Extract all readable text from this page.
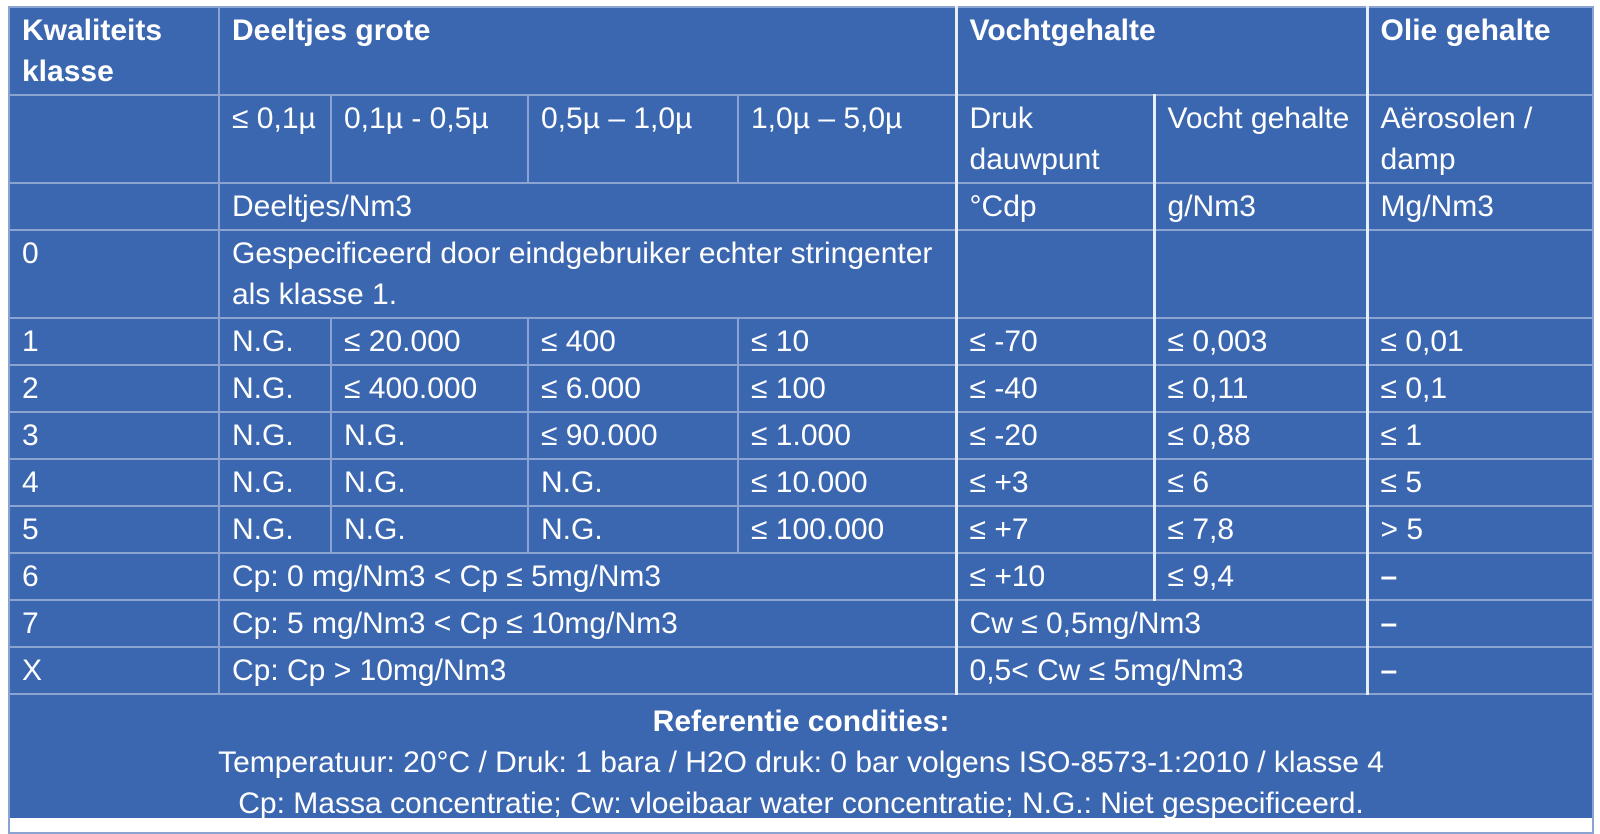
Kwaliteits klasse	Deeltjes grote				Vochtgehalte		Olie gehalte
	≤ 0,1µ	0,1µ - 0,5µ	0,5µ – 1,0µ	1,0µ – 5,0µ	Druk dauwpunt	Vocht gehalte	Aërosolen / damp
	Deeltjes/Nm3				°Cdp	g/Nm3	Mg/Nm3
0	Gespecificeerd door eindgebruiker echter stringenter als klasse 1.						
1	N.G.	≤ 20.000	≤ 400	≤ 10	≤ -70	≤ 0,003	≤ 0,01
2	N.G.	≤ 400.000	≤ 6.000	≤ 100	≤ -40	≤ 0,11	≤ 0,1
3	N.G.	N.G.	≤ 90.000	≤ 1.000	≤ -20	≤ 0,88	≤ 1
4	N.G.	N.G.	N.G.	≤ 10.000	≤ +3	≤ 6	≤ 5
5	N.G.	N.G.	N.G.	≤ 100.000	≤ +7	≤ 7,8	> 5
6	Cp: 0 mg/Nm3 < Cp ≤ 5mg/Nm3				≤ +10	≤ 9,4	–
7	Cp: 5 mg/Nm3 < Cp ≤ 10mg/Nm3				Cw ≤ 0,5mg/Nm3		–
X	Cp: Cp > 10mg/Nm3				0,5< Cw ≤ 5mg/Nm3		–

Referentie condities:
Temperatuur: 20°C / Druk: 1 bara / H2O druk: 0 bar volgens ISO-8573-1:2010 / klasse 4
Cp: Massa concentratie; Cw: vloeibaar water concentratie; N.G.: Niet gespecificeerd.							
